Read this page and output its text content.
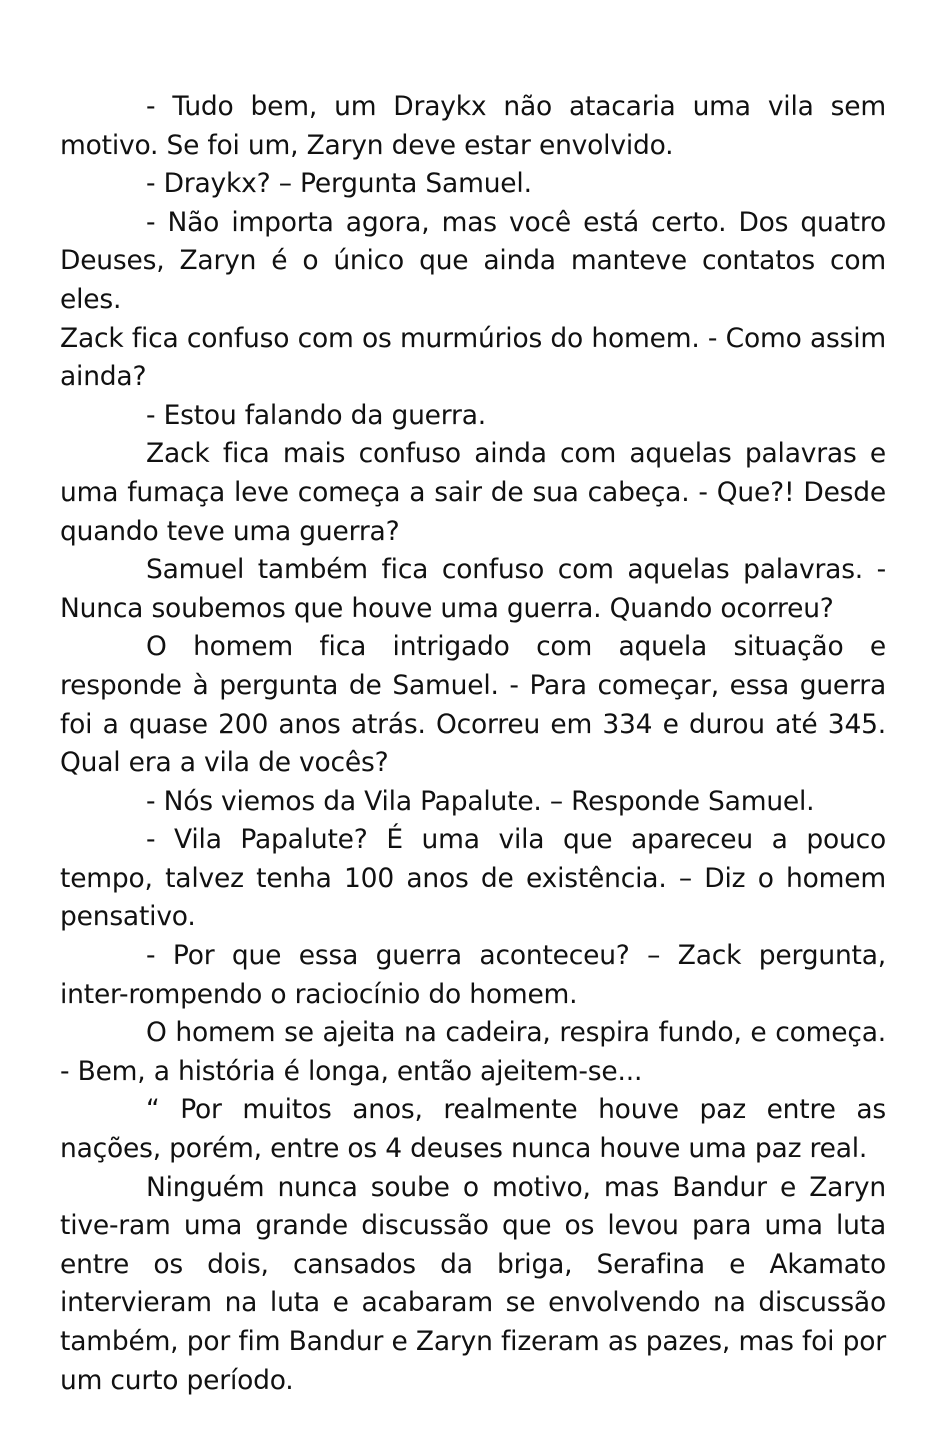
- Tudo bem, um Draykx não atacaria uma vila sem motivo. Se foi um, Zaryn deve estar envolvido.

- Draykx? – Pergunta Samuel.

- Não importa agora, mas você está certo. Dos quatro Deuses, Zaryn é o único que ainda manteve contatos com eles.

Zack fica confuso com os murmúrios do homem. - Como assim ainda?

- Estou falando da guerra.

Zack fica mais confuso ainda com aquelas palavras e uma fumaça leve começa a sair de sua cabeça. - Que?! Desde quando teve uma guerra?

Samuel também fica confuso com aquelas palavras. - Nunca soubemos que houve uma guerra. Quando ocorreu?

O homem fica intrigado com aquela situação e responde à pergunta de Samuel. - Para começar, essa guerra foi a quase 200 anos atrás. Ocorreu em 334 e durou até 345. Qual era a vila de vocês?

- Nós viemos da Vila Papalute. – Responde Samuel.

- Vila Papalute? É uma vila que apareceu a pouco tempo, talvez tenha 100 anos de existência. – Diz o homem pensativo.

- Por que essa guerra aconteceu? – Zack pergunta, inter-rompendo o raciocínio do homem.

O homem se ajeita na cadeira, respira fundo, e começa. - Bem, a história é longa, então ajeitem-se...

“ Por muitos anos, realmente houve paz entre as nações, porém, entre os 4 deuses nunca houve uma paz real.

Ninguém nunca soube o motivo, mas Bandur e Zaryn tive-ram uma grande discussão que os levou para uma luta entre os dois, cansados da briga, Serafina e Akamato intervieram na luta e acabaram se envolvendo na discussão também, por fim Bandur e Zaryn fizeram as pazes, mas foi por um curto período.
